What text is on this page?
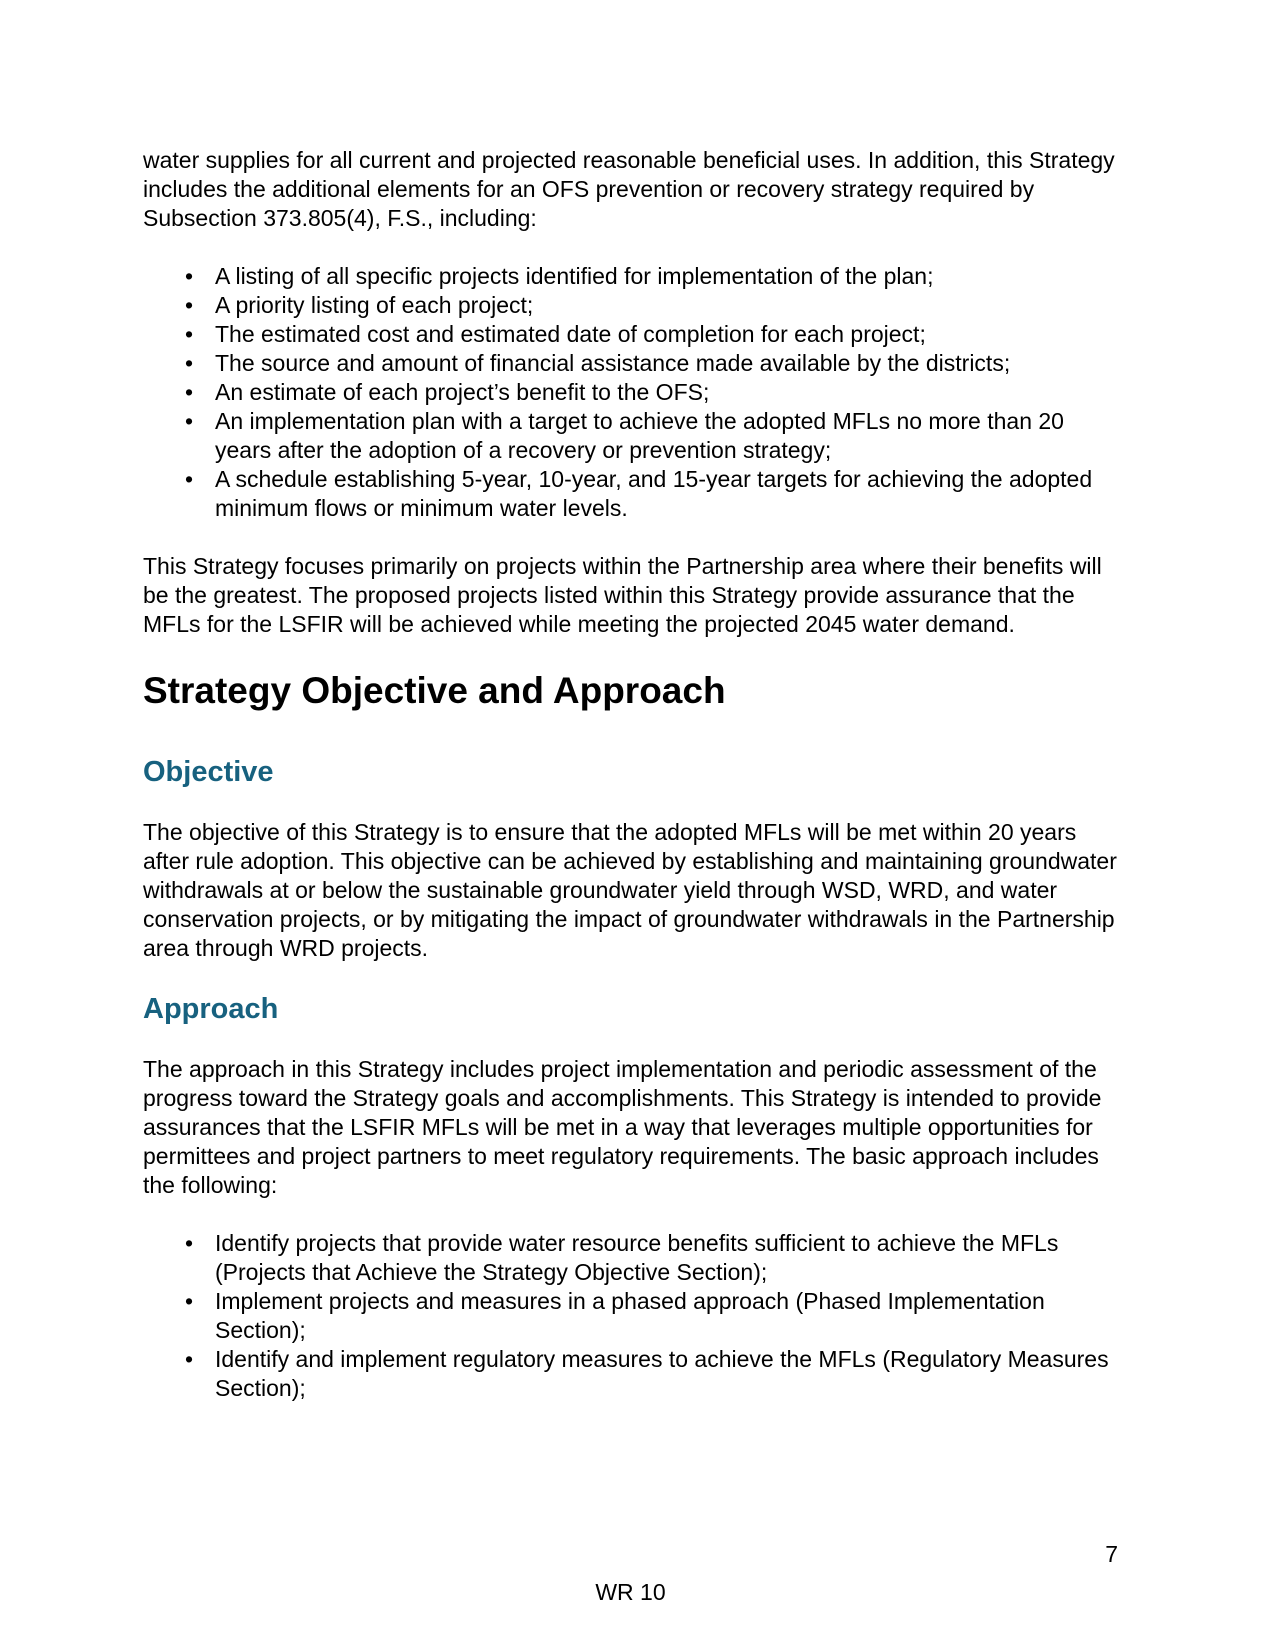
water supplies for all current and projected reasonable beneficial uses. In addition, this Strategy includes the additional elements for an OFS prevention or recovery strategy required by Subsection 373.805(4), F.S., including:

• A listing of all specific projects identified for implementation of the plan;
• A priority listing of each project;
• The estimated cost and estimated date of completion for each project;
• The source and amount of financial assistance made available by the districts;
• An estimate of each project’s benefit to the OFS;
• An implementation plan with a target to achieve the adopted MFLs no more than 20 years after the adoption of a recovery or prevention strategy;
• A schedule establishing 5-year, 10-year, and 15-year targets for achieving the adopted minimum flows or minimum water levels.

This Strategy focuses primarily on projects within the Partnership area where their benefits will be the greatest. The proposed projects listed within this Strategy provide assurance that the MFLs for the LSFIR will be achieved while meeting the projected 2045 water demand.

Strategy Objective and Approach
Objective

The objective of this Strategy is to ensure that the adopted MFLs will be met within 20 years after rule adoption. This objective can be achieved by establishing and maintaining groundwater withdrawals at or below the sustainable groundwater yield through WSD, WRD, and water conservation projects, or by mitigating the impact of groundwater withdrawals in the Partnership area through WRD projects.

Approach

The approach in this Strategy includes project implementation and periodic assessment of the progress toward the Strategy goals and accomplishments. This Strategy is intended to provide assurances that the LSFIR MFLs will be met in a way that leverages multiple opportunities for permittees and project partners to meet regulatory requirements. The basic approach includes the following:

• Identify projects that provide water resource benefits sufficient to achieve the MFLs (Projects that Achieve the Strategy Objective Section);
• Implement projects and measures in a phased approach (Phased Implementation Section);
• Identify and implement regulatory measures to achieve the MFLs (Regulatory Measures Section);
7
WR 10
